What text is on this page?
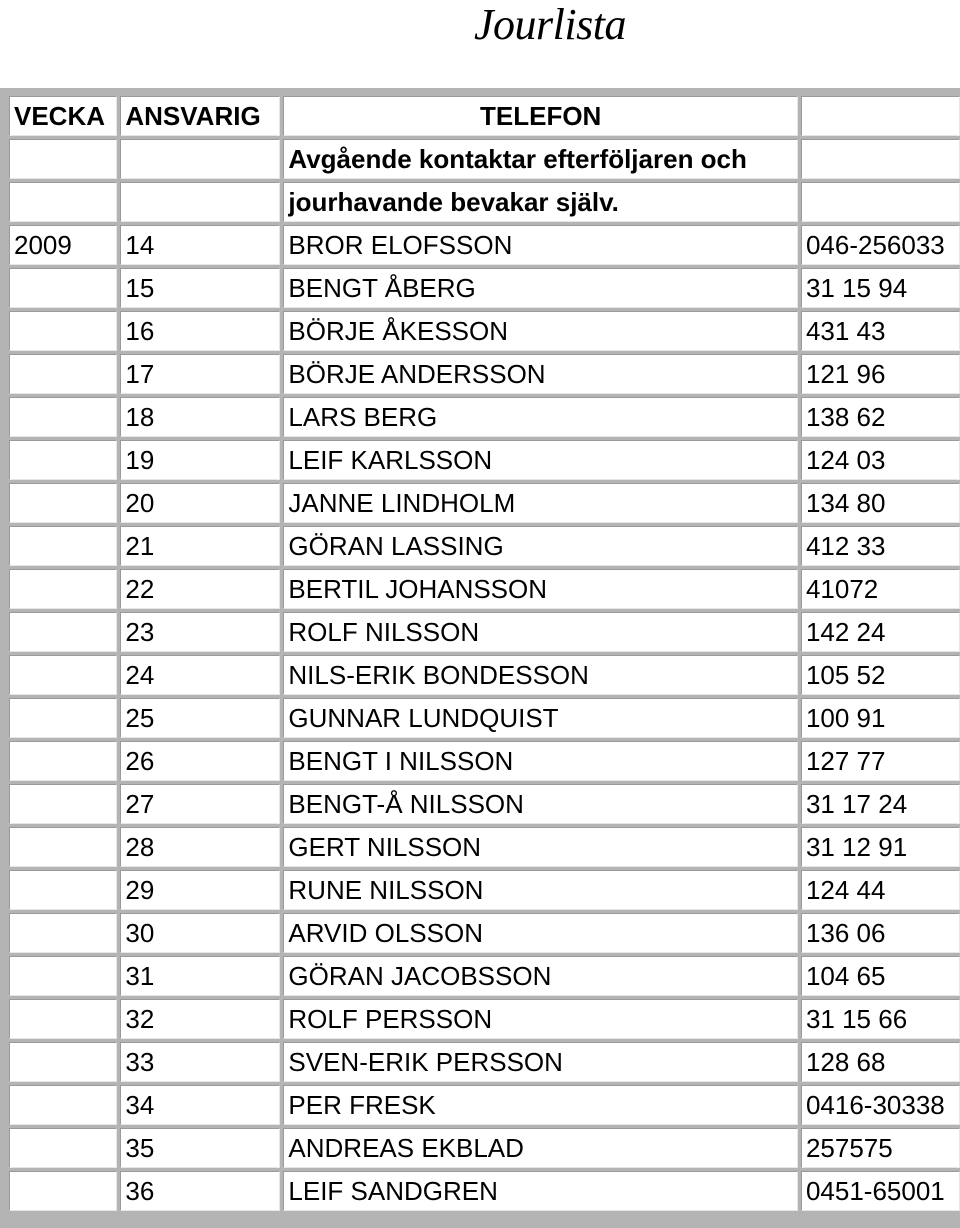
Jourlista
VECKA	ANSVARIG	TELEFON	
		Avgående kontaktar efterföljaren och	
		jourhavande bevakar själv.	
2009	14	BROR ELOFSSON	046-256033
	15	BENGT ÅBERG	31 15 94
	16	BÖRJE ÅKESSON	431 43
	17	BÖRJE ANDERSSON	121 96
	18	LARS BERG	138 62
	19	LEIF KARLSSON	124 03
	20	JANNE LINDHOLM	134 80
	21	GÖRAN LASSING	412 33
	22	BERTIL JOHANSSON	41072
	23	ROLF NILSSON	142 24
	24	NILS-ERIK BONDESSON	105 52
	25	GUNNAR LUNDQUIST	100 91
	26	BENGT I NILSSON	127 77
	27	BENGT-Å NILSSON	31 17 24
	28	GERT NILSSON	31 12 91
	29	RUNE NILSSON	124 44
	30	ARVID OLSSON	136 06
	31	GÖRAN JACOBSSON	104 65
	32	ROLF PERSSON	31 15 66
	33	SVEN-ERIK PERSSON	128 68
	34	PER FRESK	0416-30338
	35	ANDREAS EKBLAD	257575
	36	LEIF SANDGREN	0451-65001
